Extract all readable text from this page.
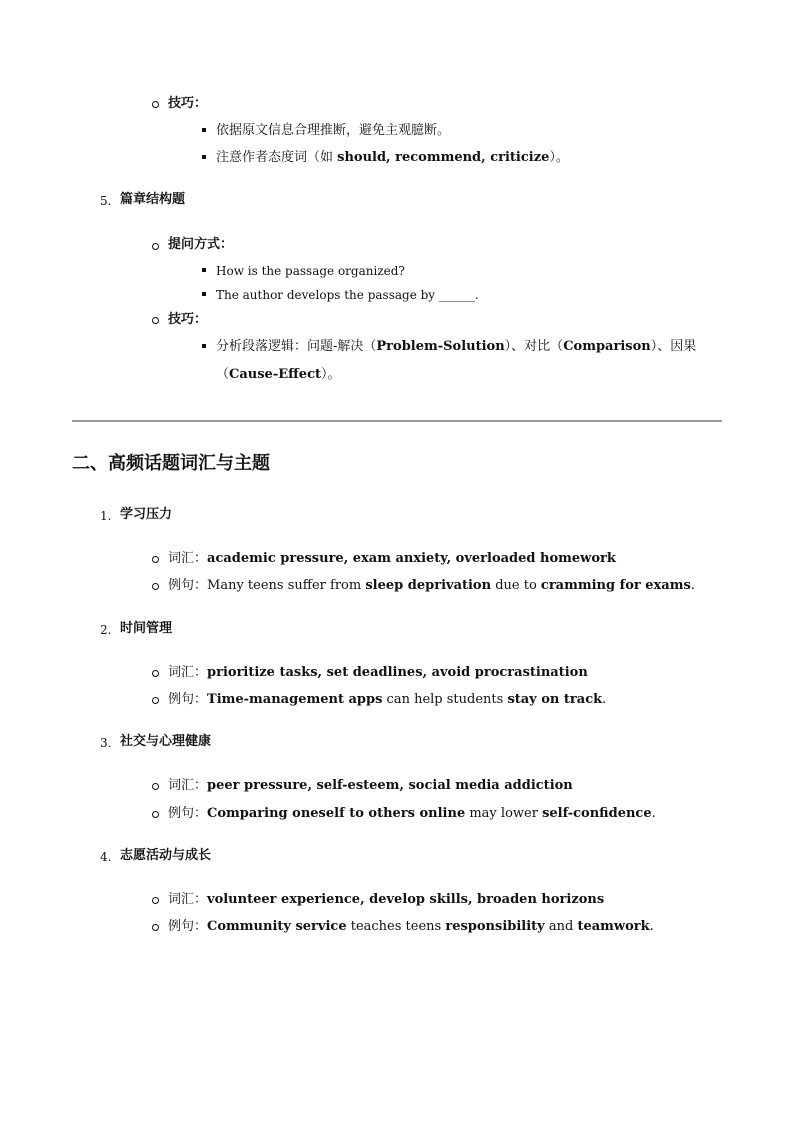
技巧：
依据原文信息合理推断，避免主观臆断。
注意作者态度词（如 should, recommend, criticize）。
5. 篇章结构题
提问方式：
How is the passage organized?
The author develops the passage by ______.
技巧：
分析段落逻辑：问题-解决（Problem-Solution）、对比（Comparison）、因果
（Cause-Effect）。
二、高频话题词汇与主题
1. 学习压力
词汇：academic pressure, exam anxiety, overloaded homework
例句：Many teens suffer from sleep deprivation due to cramming for exams.
2. 时间管理
词汇：prioritize tasks, set deadlines, avoid procrastination
例句：Time-management apps can help students stay on track.
3. 社交与心理健康
词汇：peer pressure, self-esteem, social media addiction
例句：Comparing oneself to others online may lower self-confidence.
4. 志愿活动与成长
词汇：volunteer experience, develop skills, broaden horizons
例句：Community service teaches teens responsibility and teamwork.
